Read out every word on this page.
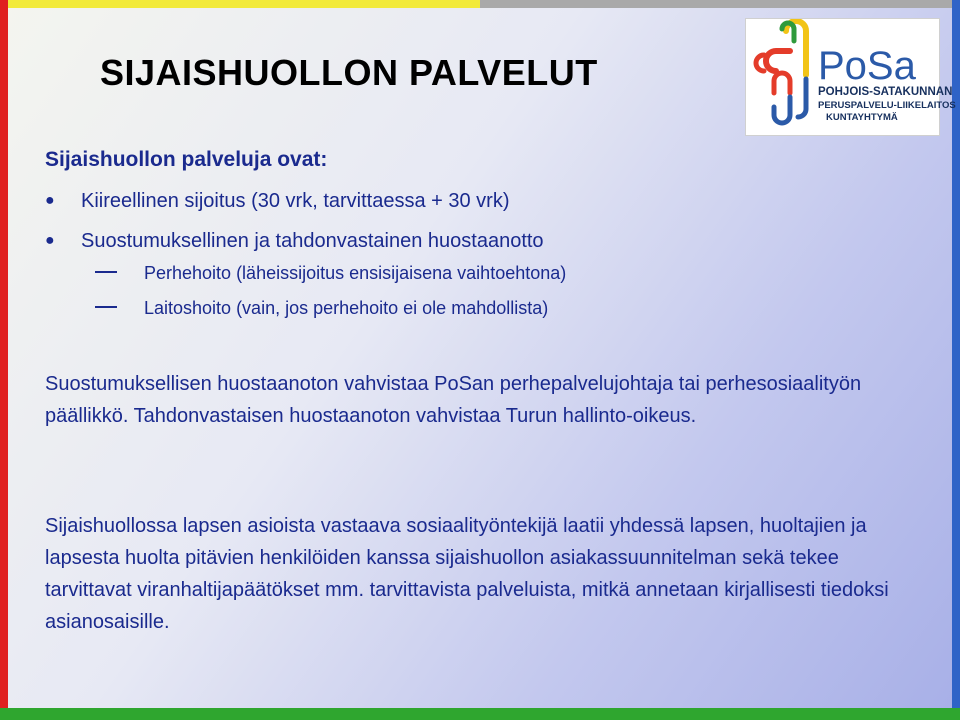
SIJAISHUOLLON PALVELUT	PoSa
POHJOIS-SATAKUNNAN
PERUSPALVELU-LIIKELAITOS
KUNTAYHTYMÄ
Sijaishuollon palveluja ovat:
● Kiireellinen sijoitus (30 vrk, tarvittaessa + 30 vrk)
● Suostumuksellinen ja tahdonvastainen huostaanotto
Perhehoito (läheissijoitus ensisijaisena vaihtoehtona)
Laitoshoito (vain, jos perhehoito ei ole mahdollista)

Suostumuksellisen huostaanoton vahvistaa PoSan perhepalvelujohtaja tai perhesosiaalityön päällikkö. Tahdonvastaisen huostaanoton vahvistaa Turun hallinto-oikeus.

Sijaishuollossa lapsen asioista vastaava sosiaalityöntekijä laatii yhdessä lapsen, huoltajien ja lapsesta huolta pitävien henkilöiden kanssa sijaishuollon asiakassuunnitelman sekä tekee tarvittavat viranhaltijapäätökset mm. tarvittavista palveluista, mitkä annetaan kirjallisesti tiedoksi asianosaisille.
